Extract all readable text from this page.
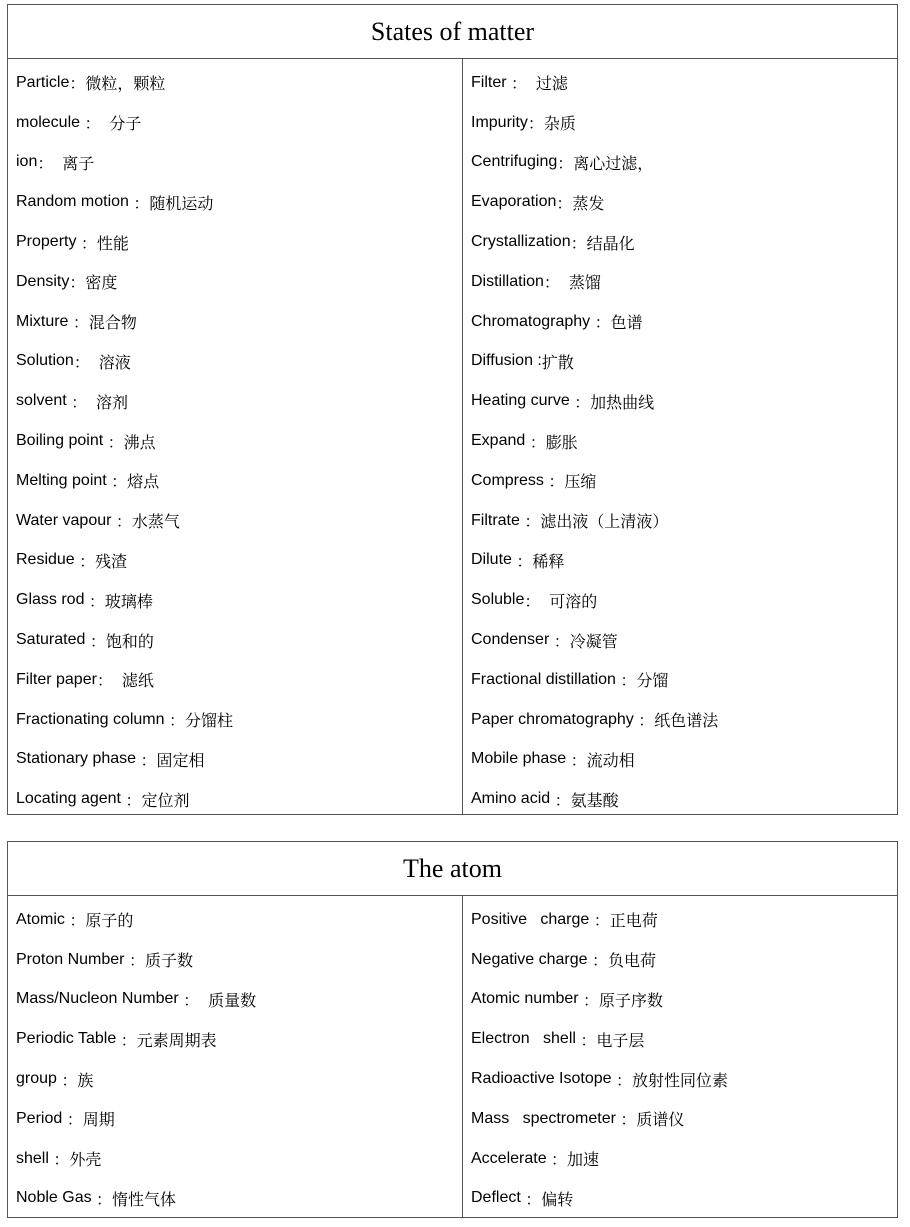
States of matter
Particle ： 微粒，颗粒
molecule ： 分子
ion ： 离子
Random motion ： 随机运动
Property ： 性能
Density ： 密度
Mixture ： 混合物
Solution ： 溶液
solvent ： 溶剂
Boiling point ： 沸点
Melting point ： 熔点
Water vapour ： 水蒸气
Residue ： 残渣
Glass rod ： 玻璃棒
Saturated ： 饱和的
Filter paper ： 滤纸
Fractionating column ： 分馏柱
Stationary phase ： 固定相
Locating agent ： 定位剂
Filter ： 过滤
Impurity ： 杂质
Centrifuging ： 离心过滤，
Evaporation ： 蒸发
Crystallization ： 结晶化
Distillation ： 蒸馏
Chromatography ： 色谱
Diffusion : 扩散
Heating curve ： 加热曲线
Expand ： 膨胀
Compress ： 压缩
Filtrate ： 滤出液（上清液）
Dilute ： 稀释
Soluble ： 可溶的
Condenser ： 冷凝管
Fractional distillation ： 分馏
Paper chromatography ： 纸色谱法
Mobile phase ： 流动相
Amino acid ： 氨基酸
The atom
Atomic ： 原子的
Proton Number ： 质子数
Mass/Nucleon Number ： 质量数
Periodic Table ： 元素周期表
group ： 族
Period ： 周期
shell ： 外壳
Noble Gas ： 惰性气体
Positive   charge ： 正电荷
Negative charge ： 负电荷
Atomic number ： 原子序数
Electron   shell ： 电子层
Radioactive Isotope ： 放射性同位素
Mass   spectrometer ： 质谱仪
Accelerate ： 加速
Deflect ： 偏转
